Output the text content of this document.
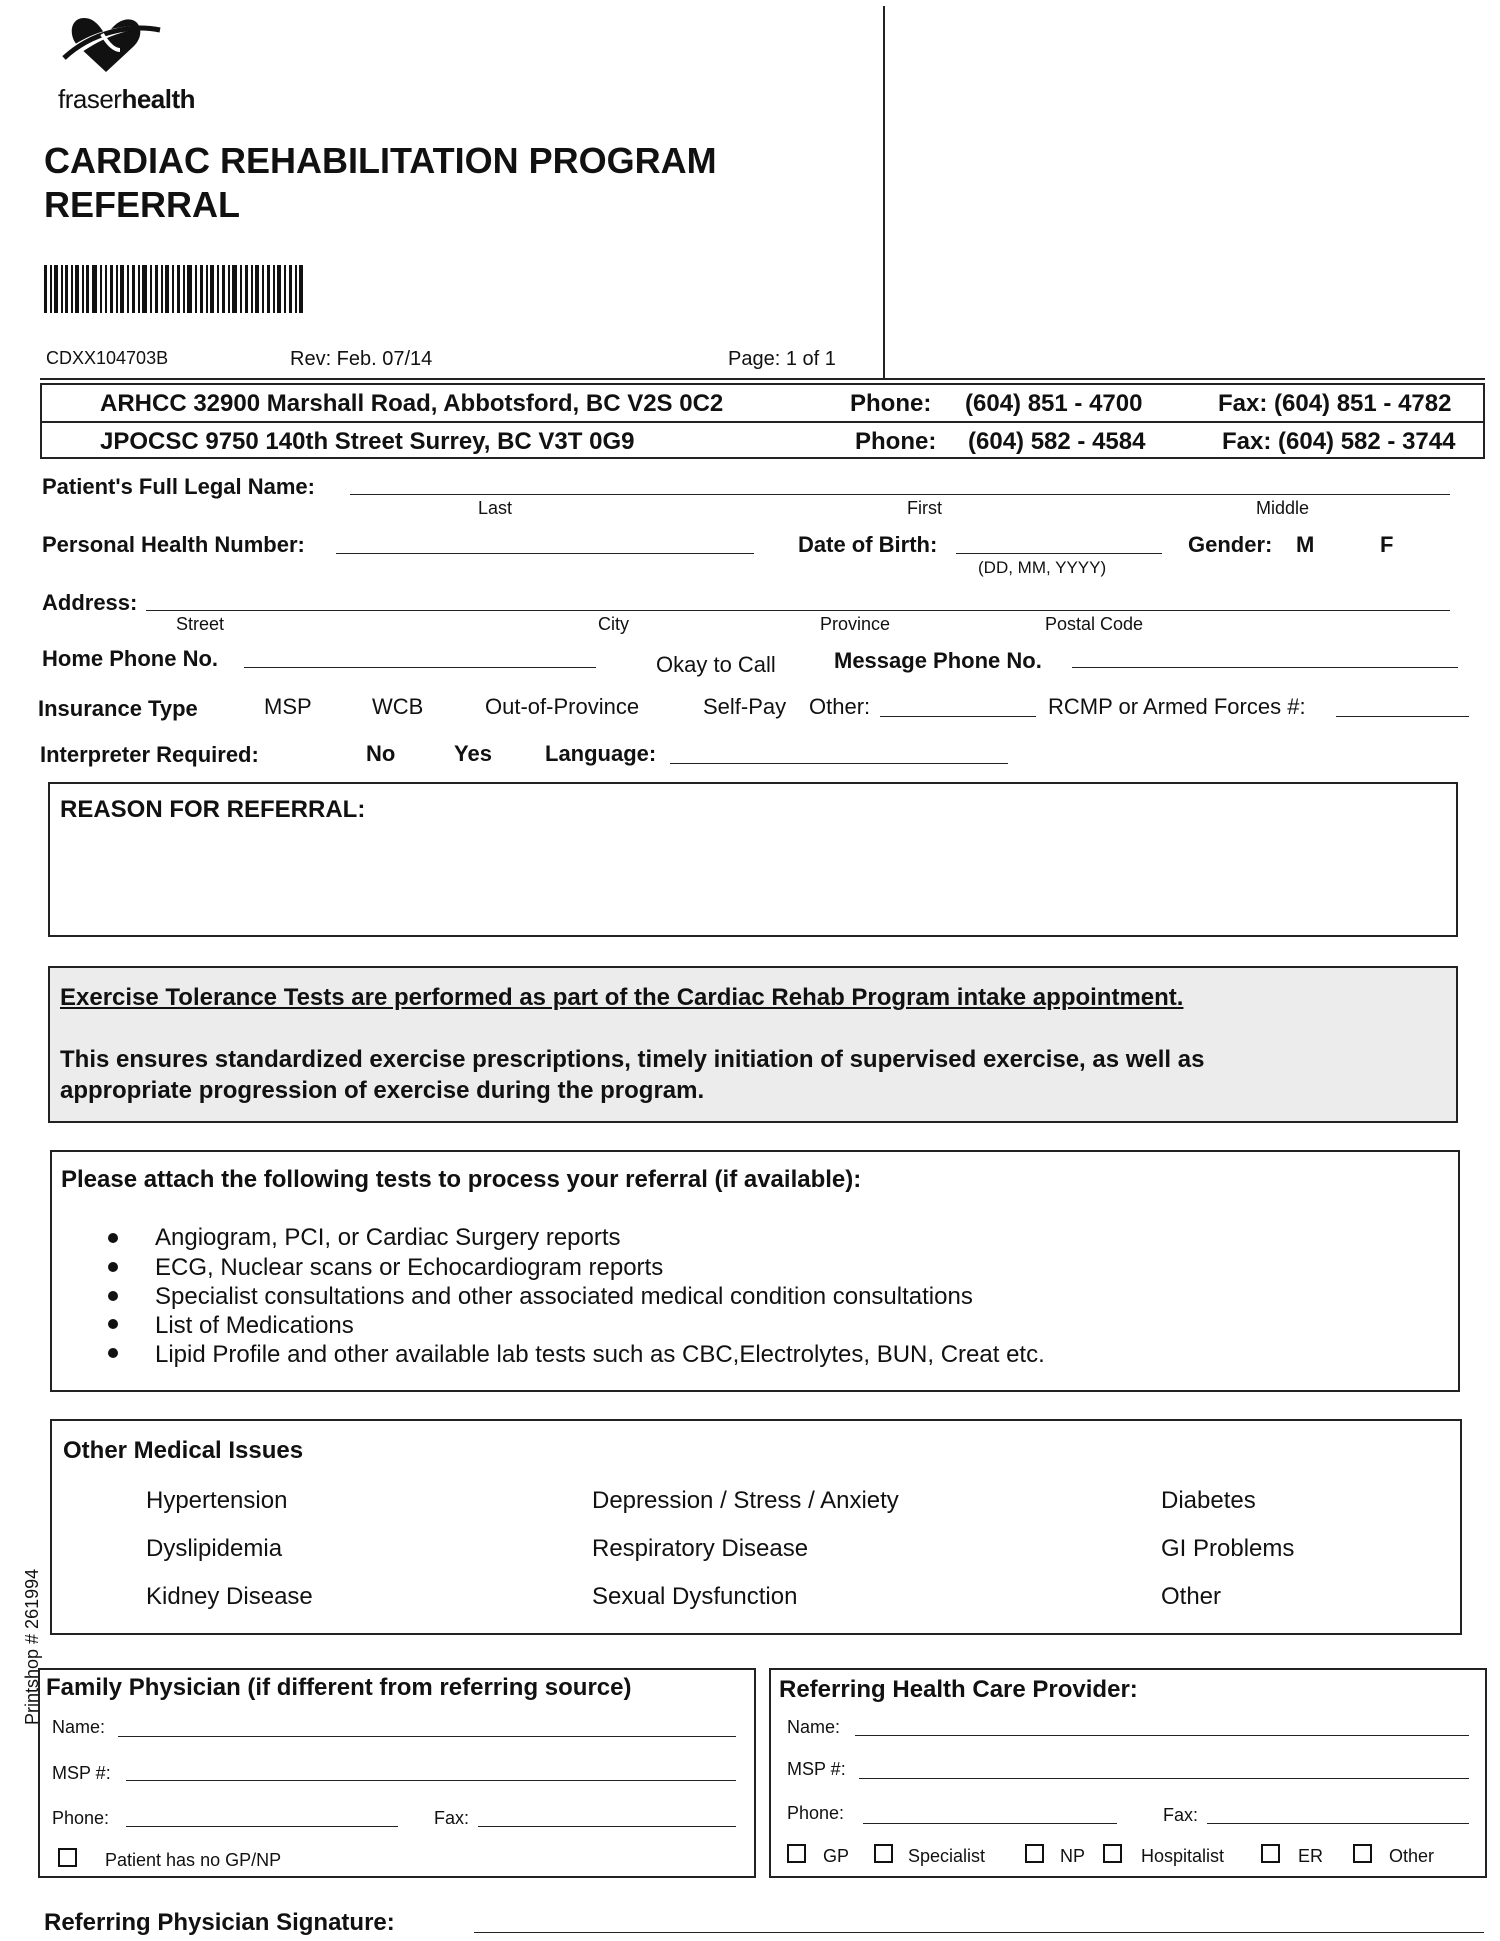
fraserhealth
CARDIAC REHABILITATION PROGRAM
REFERRAL
CDXX104703B	Rev: Feb. 07/14	Page: 1 of 1
ARHCC 32900 Marshall Road, Abbotsford, BC V2S 0C2	Phone: (604) 851 - 4700	Fax: (604) 851 - 4782
JPOCSC 9750 140th Street Surrey, BC V3T 0G9	Phone: (604) 582 - 4584	Fax: (604) 582 - 3744
Patient's Full Legal Name:
Last	First	Middle
Personal Health Number:	Date of Birth:
(DD, MM, YYYY)
Gender: M	F
Address:
Street	City	Province	Postal Code
Home Phone No.	Okay to Call	Message Phone No.
Insurance Type	MSP	WCB	Out-of-Province	Self-Pay Other:	RCMP or Armed Forces #:
Interpreter Required:	No	Yes Language:
REASON FOR REFERRAL:
Exercise Tolerance Tests are performed as part of the Cardiac Rehab Program intake appointment.
This ensures standardized exercise prescriptions, timely initiation of supervised exercise, as well as
appropriate progression of exercise during the program.
Please attach the following tests to process your referral (if available):
Angiogram, PCI, or Cardiac Surgery reports
ECG, Nuclear scans or Echocardiogram reports
Specialist consultations and other associated medical condition consultations
List of Medications
Lipid Profile and other available lab tests such as CBC,Electrolytes, BUN, Creat etc.
Other Medical Issues
Hypertension	Depression / Stress / Anxiety	Diabetes
Dyslipidemia	Respiratory Disease	GI Problems
Kidney Disease	Sexual Dysfunction	Other
Printshop # 261994 Family Physician (if different from referring source)
Name:
MSP #:
Phone:	Fax:
Patient has no GP/NP
Referring Health Care Provider:
Name:
MSP #:
Phone:	Fax:
GP	Specialist	NP	Hospitalist	ER	Other
Referring Physician Signature:
